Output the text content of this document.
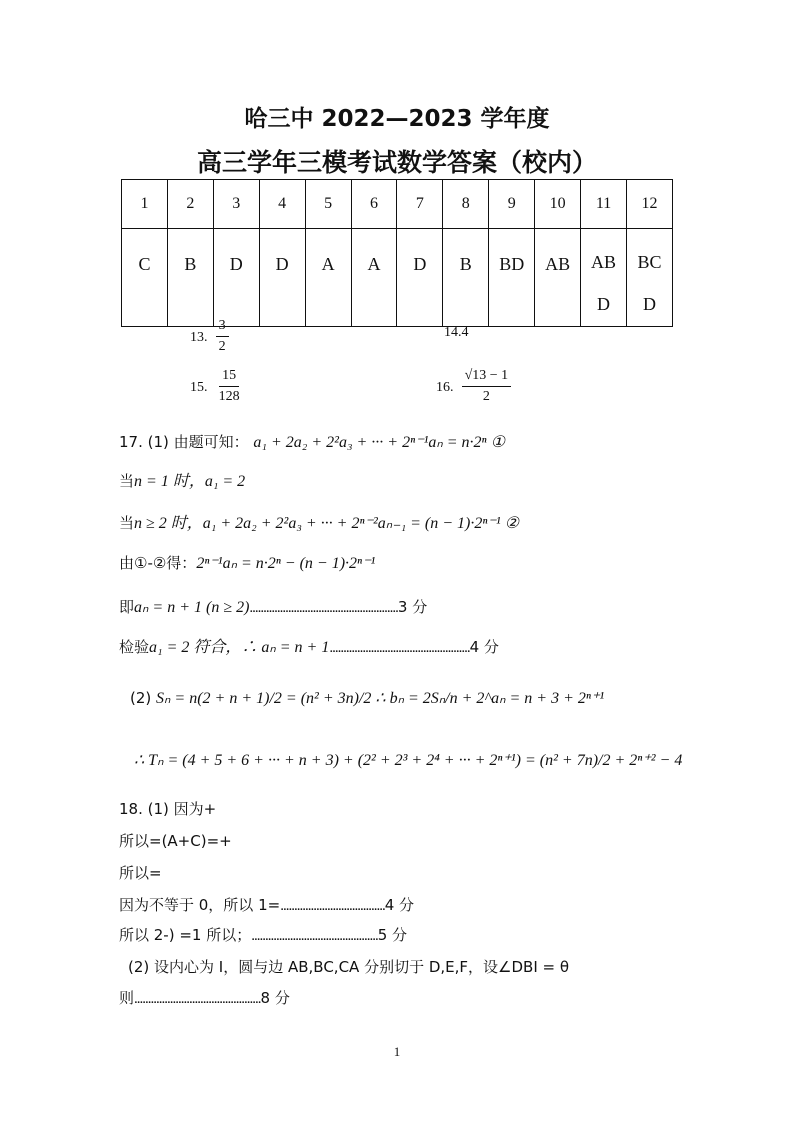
哈三中 2022—2023 学年度
高三学年三模考试数学答案（校内）
1	2	3	4	5	6	7	8	9	10	11	12
C	B	D	D	A	A	D	B	BD	AB	AB D	BC D
13. $\frac{3}{2}$	14.4
15. $\frac{15}{128}$	16. $\frac{√13 - 1}{2}$
17. (1) 由题可知： a₁ + 2a₂ + 2²a₃ + ··· + 2ⁿ⁻¹aₙ = n·2ⁿ ①
当n = 1 时，a₁ = 2
当n ≥ 2 时，a₁ + 2a₂ + 2²a₃ + ··· + 2ⁿ⁻²aₙ₋₁ = (n − 1)·2ⁿ⁻¹ ②
由①-②得：2ⁿ⁻¹aₙ = n·2ⁿ − (n − 1)·2ⁿ⁻¹
即aₙ = n + 1 (n ≥ 2)......................................................3 分
检验a₁ = 2 符合，∴ aₙ = n + 1...................................................4 分
(2) Sₙ = n(2 + n + 1)/2 = (n² + 3n)/2 ∴ bₙ = 2Sₙ/n + 2^aₙ = n + 3 + 2ⁿ⁺¹
∴ Tₙ = (4 + 5 + 6 + ··· + n + 3) + (2² + 2³ + 2⁴ + ··· + 2ⁿ⁺¹) = (n² + 7n)/2 + 2ⁿ⁺² − 4
18. (1) 因为+
所以=(A+C)=+
所以=
因为不等于 0，所以 1=......................................4 分
所以 2-) =1 所以；..............................................5 分
(2) 设内心为 I，圆与边 AB,BC,CA 分别切于 D,E,F，设∠DBI = θ
则..............................................8 分
1
